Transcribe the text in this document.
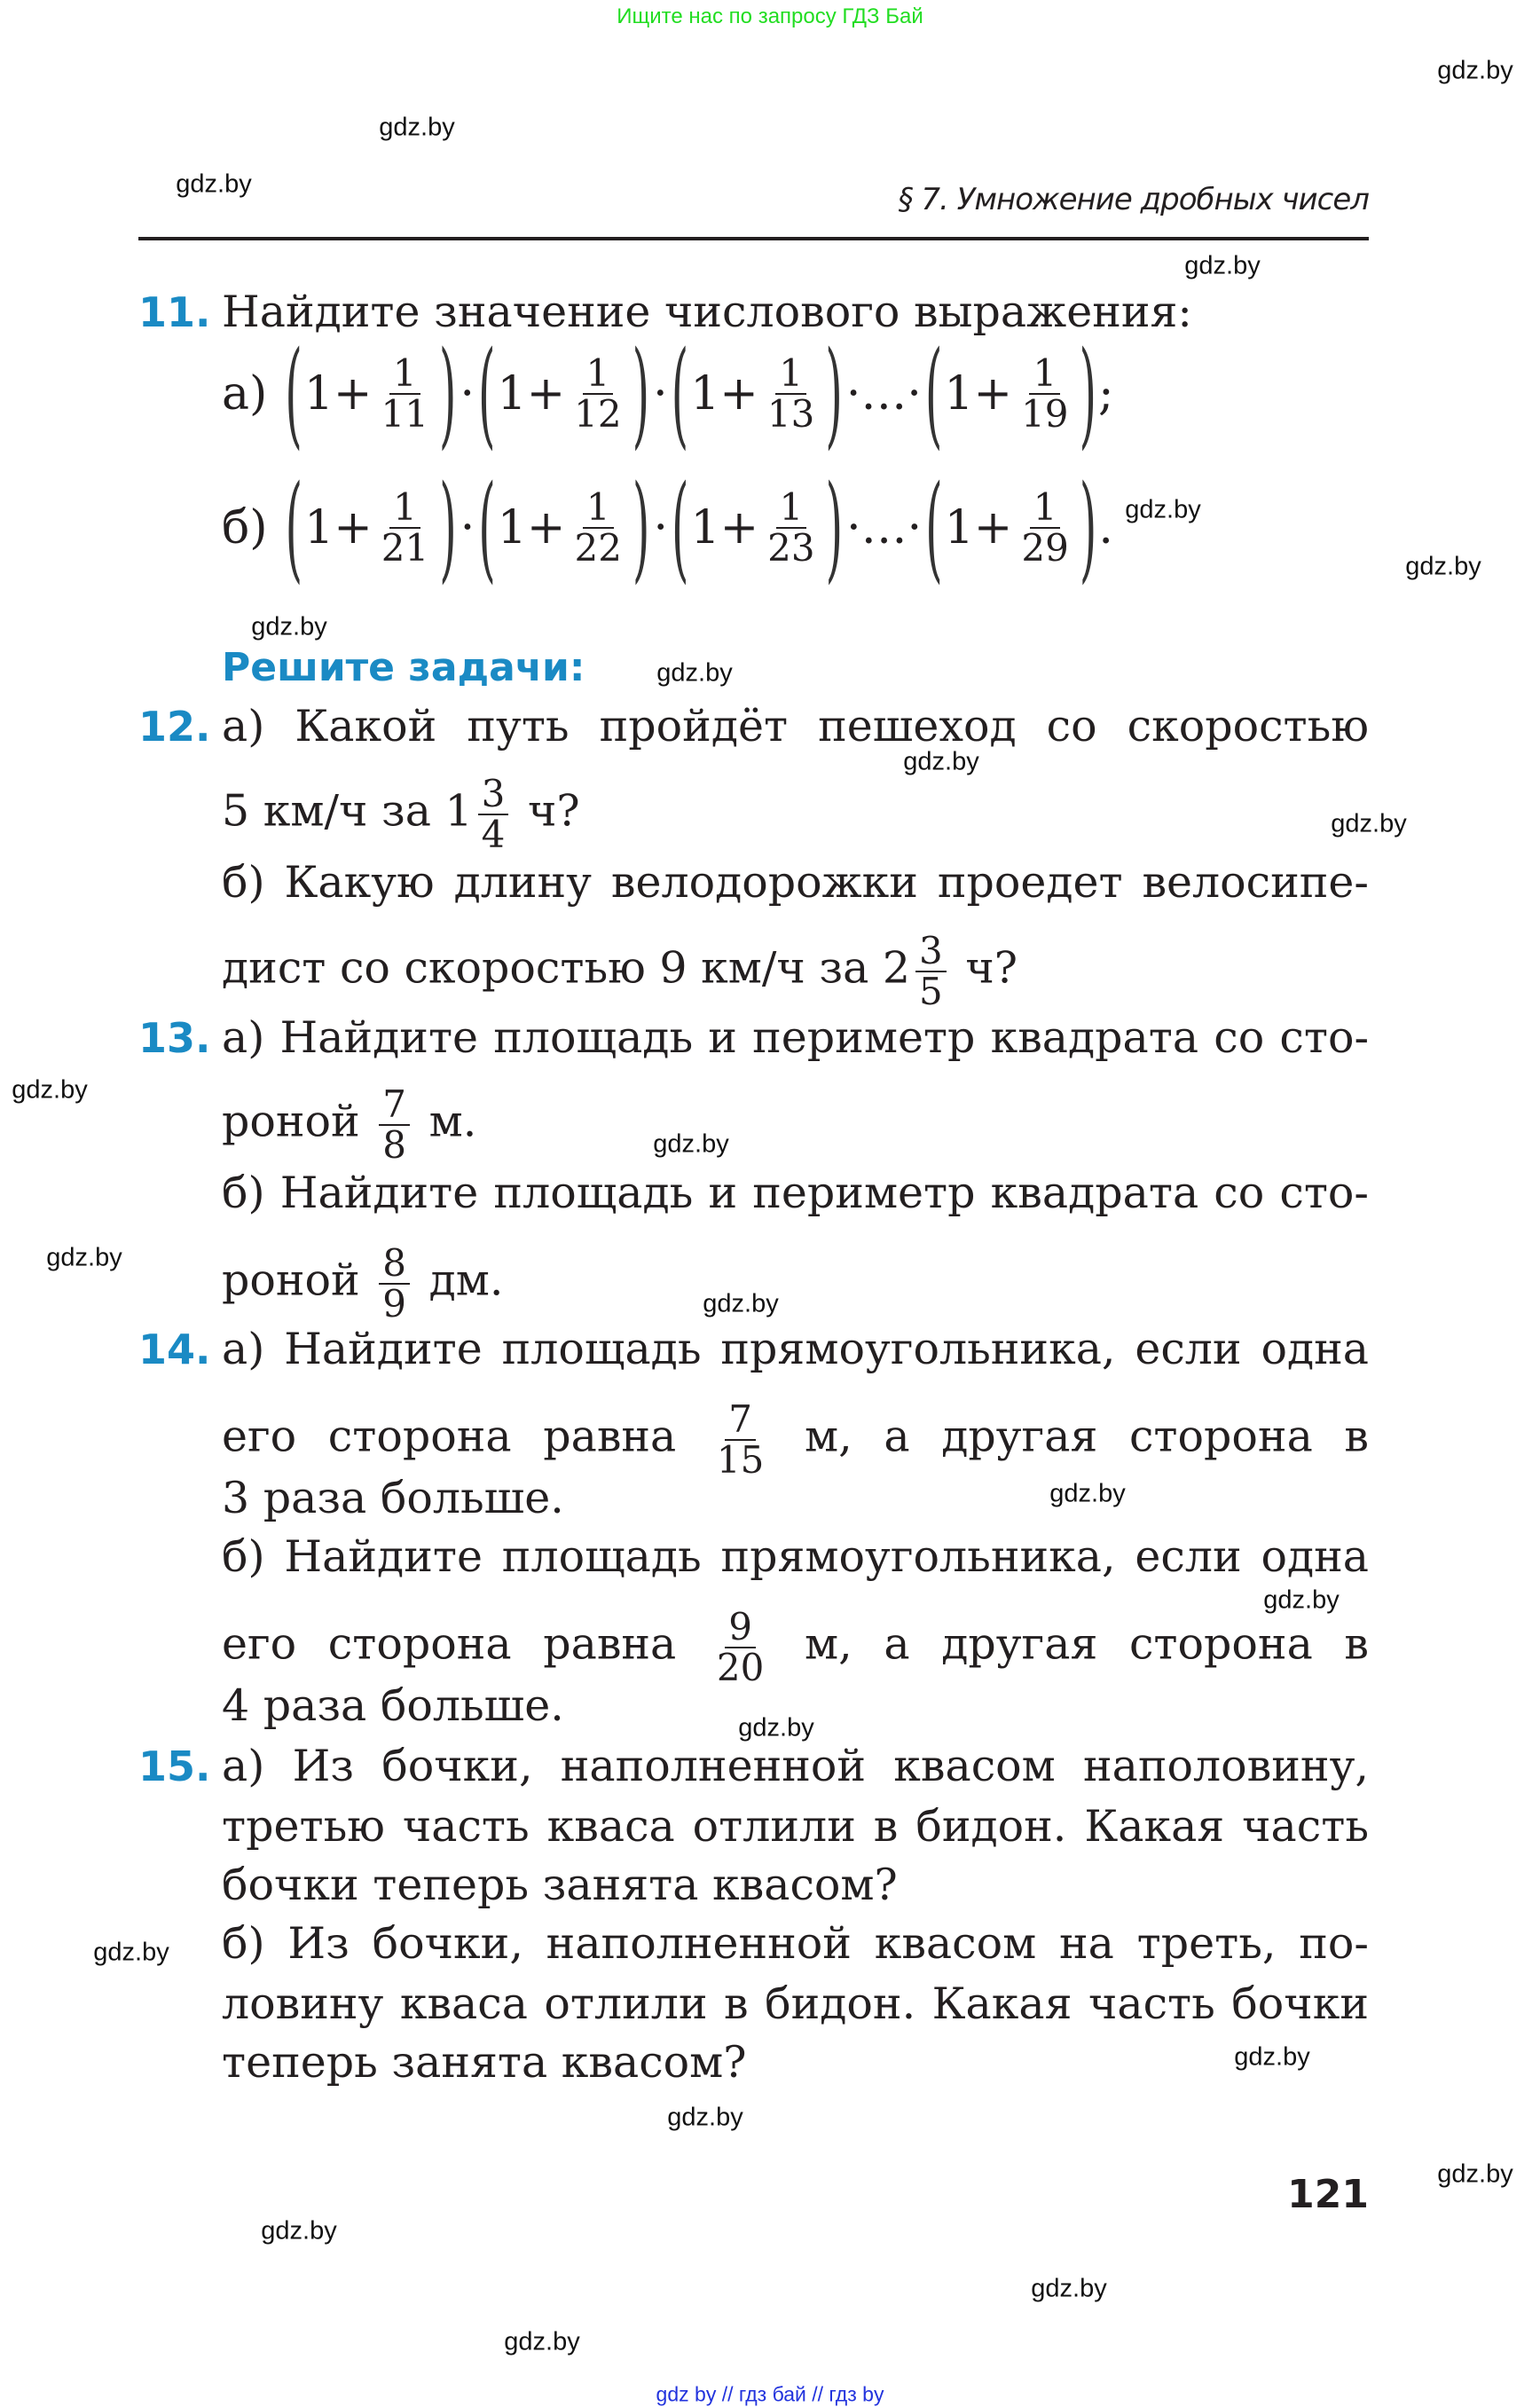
Ищите нас по запросу ГДЗ Бай
gdz.by
gdz.by
gdz.by
gdz.by
gdz.by
gdz.by
gdz.by
gdz.by
gdz.by
gdz.by
gdz.by
gdz.by
gdz.by
gdz.by
gdz.by
gdz.by
gdz.by
gdz.by
gdz.by
gdz.by
gdz.by
gdz.by
gdz.by
gdz.by
§ 7. Умножение дробных чисел
11. Найдите значение числового выражения:
а) ( $1 + \frac{1}{11}$ ) · ( $1 + \frac{1}{12}$ ) · ( $1 + \frac{1}{13}$ ) ·…· ( $1 + \frac{1}{19}$ ) ;
б) ( $1 + \frac{1}{21}$ ) · ( $1 + \frac{1}{22}$ ) · ( $1 + \frac{1}{23}$ ) ·…· ( $1 + \frac{1}{29}$ ) .
Решите задачи:
12. а) Какой путь пройдёт пешеход со скоростью
5 км/ч за $1 \frac{3}{4} ч$?
б) Какую длину велодорожки проедет велосипе-
дист со скоростью 9 км/ч за $2 \frac{3}{5} ч$?
13. а) Найдите площадь и периметр квадрата со сто-
роной $\frac{7}{8} м$.
б) Найдите площадь и периметр квадрата со сто-
роной $\frac{8}{9}$ дм.
14. а) Найдите площадь прямоугольника, если одна
его сторона равна $\frac{7}{15} м$, а другая сторона в
3 раза больше.
б) Найдите площадь прямоугольника, если одна
его сторона равна $\frac{9}{20} м$, а другая сторона в
4 раза больше.
15. а) Из бочки, наполненной квасом наполовину,
третью часть кваса отлили в бидон. Какая часть
бочки теперь занята квасом?
б) Из бочки, наполненной квасом на треть, по-
ловину кваса отлили в бидон. Какая часть бочки
теперь занята квасом?
121
gdz by // гдз бай // гдз by
